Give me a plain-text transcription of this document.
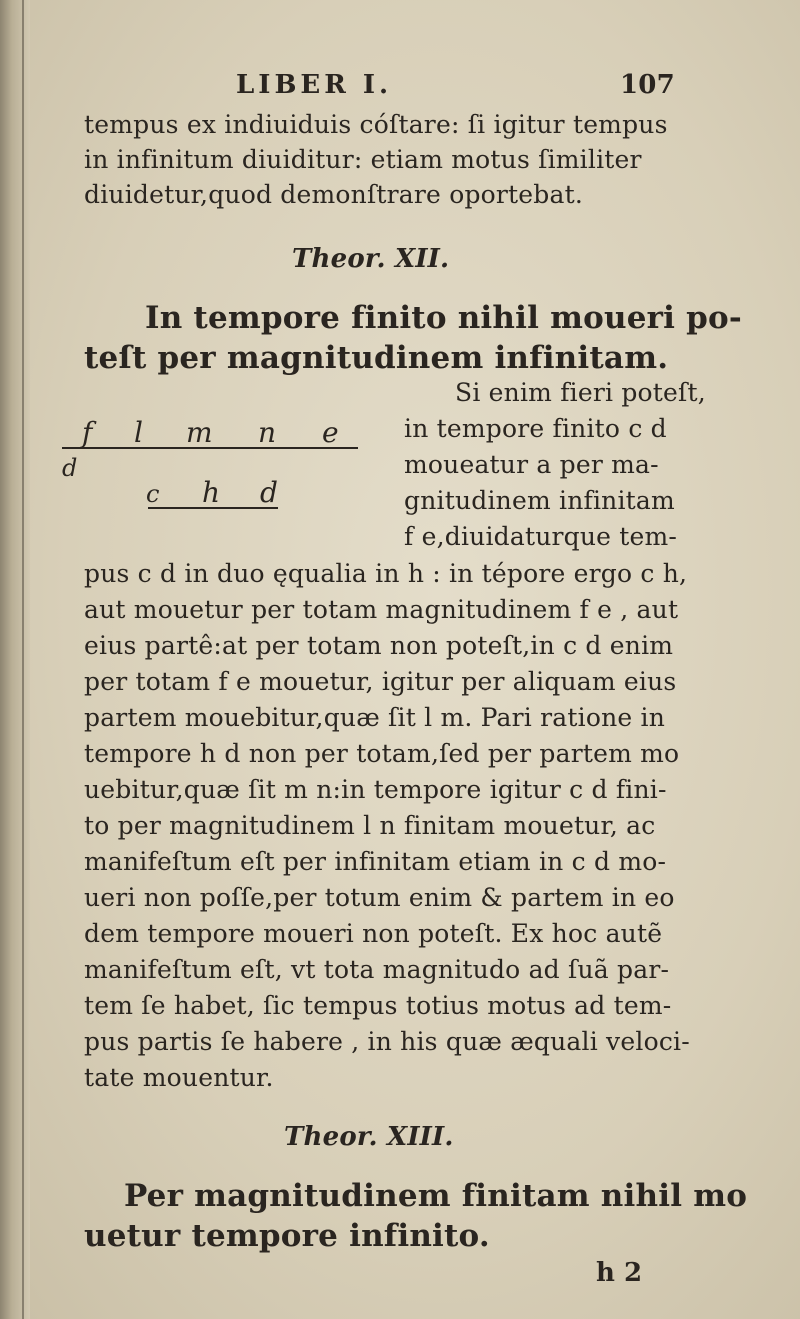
LIBER I.	107
tempus ex indiuiduis cóſtare: ſi igitur tempus
in infinitum diuiditur: etiam motus ſimiliter
diuidetur,quod demonſtrare oportebat.
Theor. XII.
In tempore finito nihil moueri po-
teſt per magnitudinem infinitam.
f l m n e
d
c h d
Si enim fieri poteſt,
in tempore finito c d
moueatur a per ma-
gnitudinem infinitam
f e,diuidaturque tem-
pus c d in duo ęqualia in h : in tépore ergo c h,
aut mouetur per totam magnitudinem f e , aut
eius partê:at per totam non poteſt,in c d enim
per totam f e mouetur, igitur per aliquam eius
partem mouebitur,quæ ſit l m. Pari ratione in
tempore h d non per totam,ſed per partem mo
uebitur,quæ ſit m n:in tempore igitur c d fini-
to per magnitudinem l n finitam mouetur, ac
manifeſtum eſt per infinitam etiam in c d mo-
ueri non poſſe,per totum enim & partem in eo
dem tempore moueri non poteſt. Ex hoc autẽ
manifeſtum eſt, vt tota magnitudo ad ſuã par-
tem ſe habet, ſic tempus totius motus ad tem-
pus partis ſe habere , in his quæ æquali veloci-
tate mouentur.
Theor. XIII.
Per magnitudinem finitam nihil mo
uetur tempore infinito.
h 2
